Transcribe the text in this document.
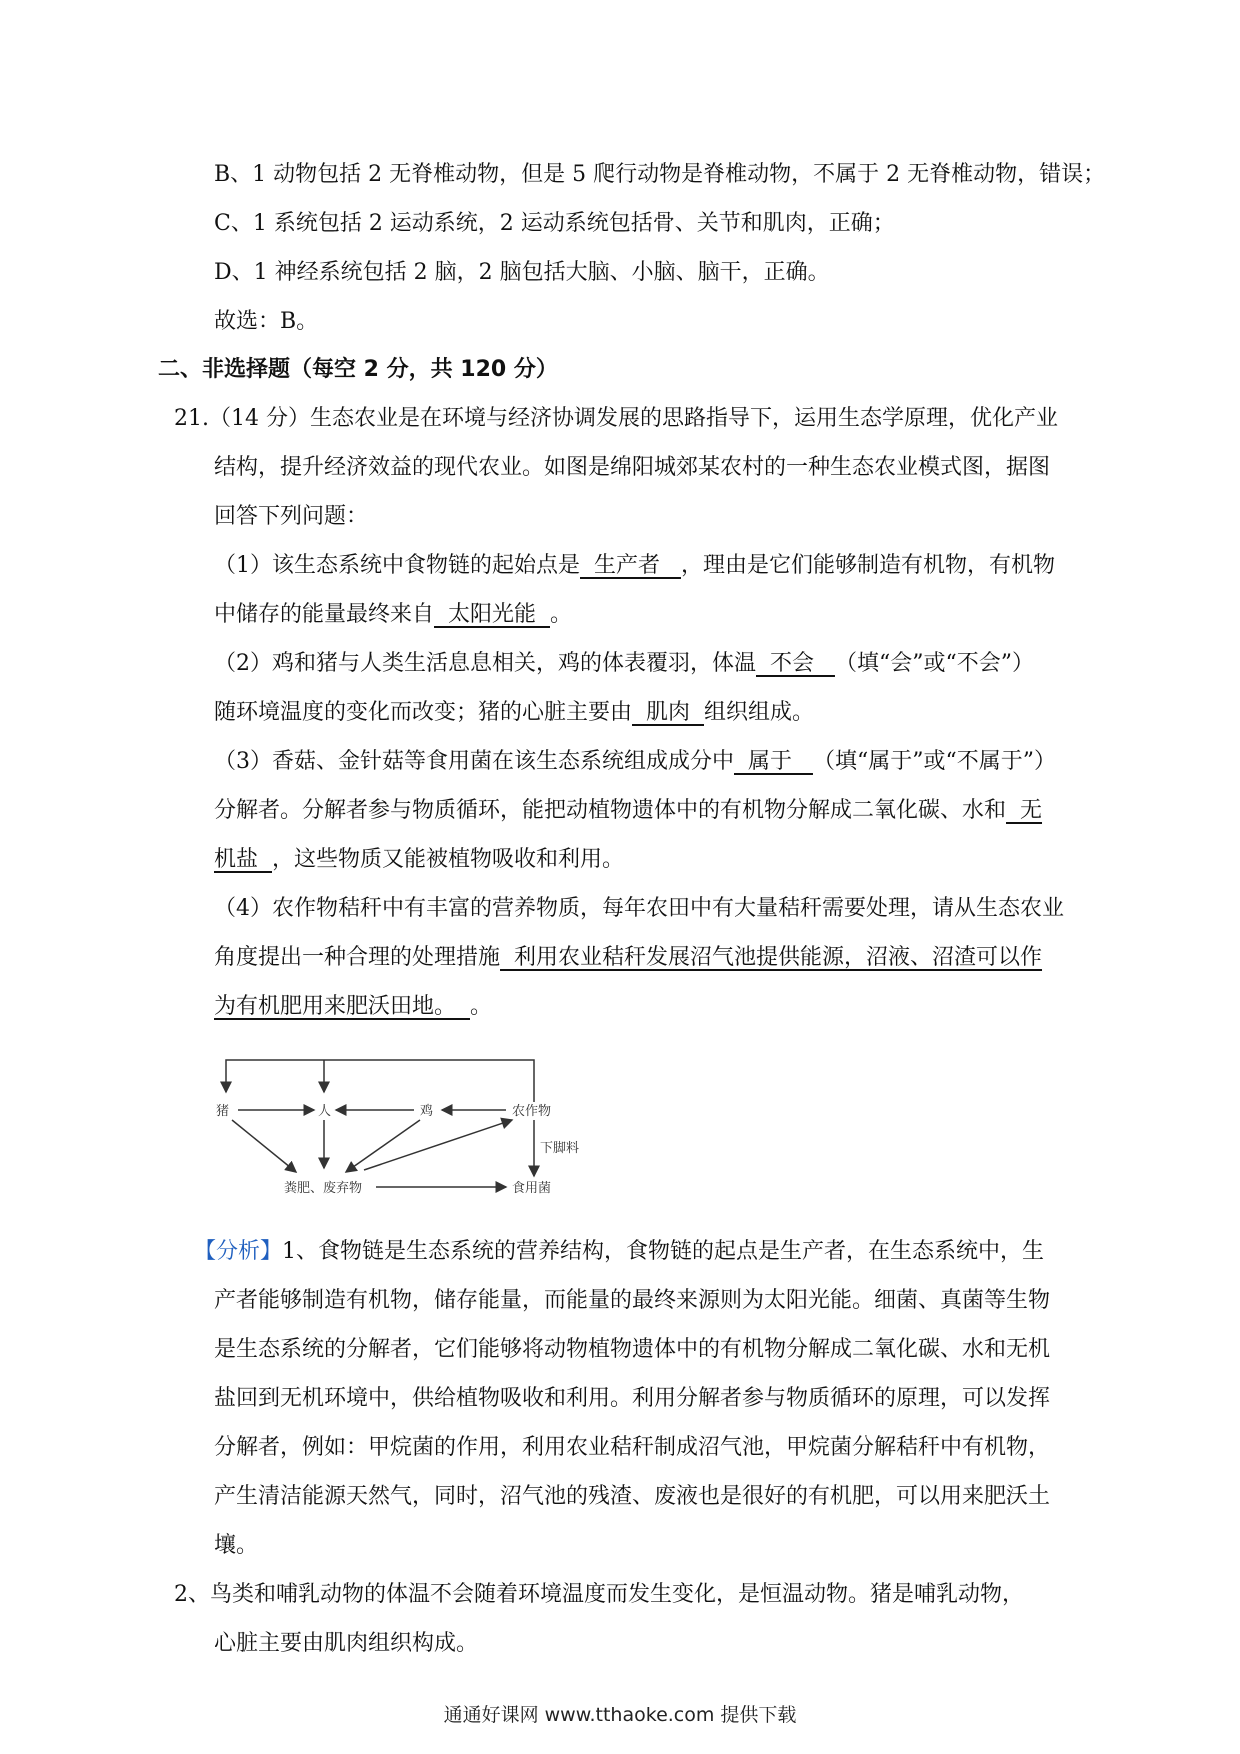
B、1 动物包括 2 无脊椎动物，但是 5 爬行动物是脊椎动物，不属于 2 无脊椎动物，错误；
C、1 系统包括 2 运动系统，2 运动系统包括骨、关节和肌肉，正确；
D、1 神经系统包括 2 脑，2 脑包括大脑、小脑、脑干，正确。
故选：B。
二、非选择题（每空 2 分，共 120 分）
21.（14 分）生态农业是在环境与经济协调发展的思路指导下，运用生态学原理，优化产业
结构，提升经济效益的现代农业。如图是绵阳城郊某农村的一种生态农业模式图，据图
回答下列问题：
（1）该生态系统中食物链的起始点是  生产者   ，理由是它们能够制造有机物，有机物
中储存的能量最终来自  太阳光能  。
（2）鸡和猪与人类生活息息相关，鸡的体表覆羽，体温  不会   （填“会”或“不会”）
随环境温度的变化而改变；猪的心脏主要由  肌肉  组织组成。
（3）香菇、金针菇等食用菌在该生态系统组成成分中  属于   （填“属于”或“不属于”）
分解者。分解者参与物质循环，能把动植物遗体中的有机物分解成二氧化碳、水和  无
机盐  ，这些物质又能被植物吸收和利用。
（4）农作物秸秆中有丰富的营养物质，每年农田中有大量秸秆需要处理，请从生态农业
角度提出一种合理的处理措施  利用农业秸秆发展沼气池提供能源，沼液、沼渣可以作
为有机肥用来肥沃田地。  。
猪	人	鸡	农作物
粪肥、废弃物	食用菌
下脚料
【分析】1、食物链是生态系统的营养结构，食物链的起点是生产者，在生态系统中，生
产者能够制造有机物，储存能量，而能量的最终来源则为太阳光能。细菌、真菌等生物
是生态系统的分解者，它们能够将动物植物遗体中的有机物分解成二氧化碳、水和无机
盐回到无机环境中，供给植物吸收和利用。利用分解者参与物质循环的原理，可以发挥
分解者，例如：甲烷菌的作用，利用农业秸秆制成沼气池，甲烷菌分解秸秆中有机物，
产生清洁能源天然气，同时，沼气池的残渣、废液也是很好的有机肥，可以用来肥沃土
壤。
2、鸟类和哺乳动物的体温不会随着环境温度而发生变化，是恒温动物。猪是哺乳动物，
心脏主要由肌肉组织构成。
通通好课网 www.tthaoke.com 提供下载
